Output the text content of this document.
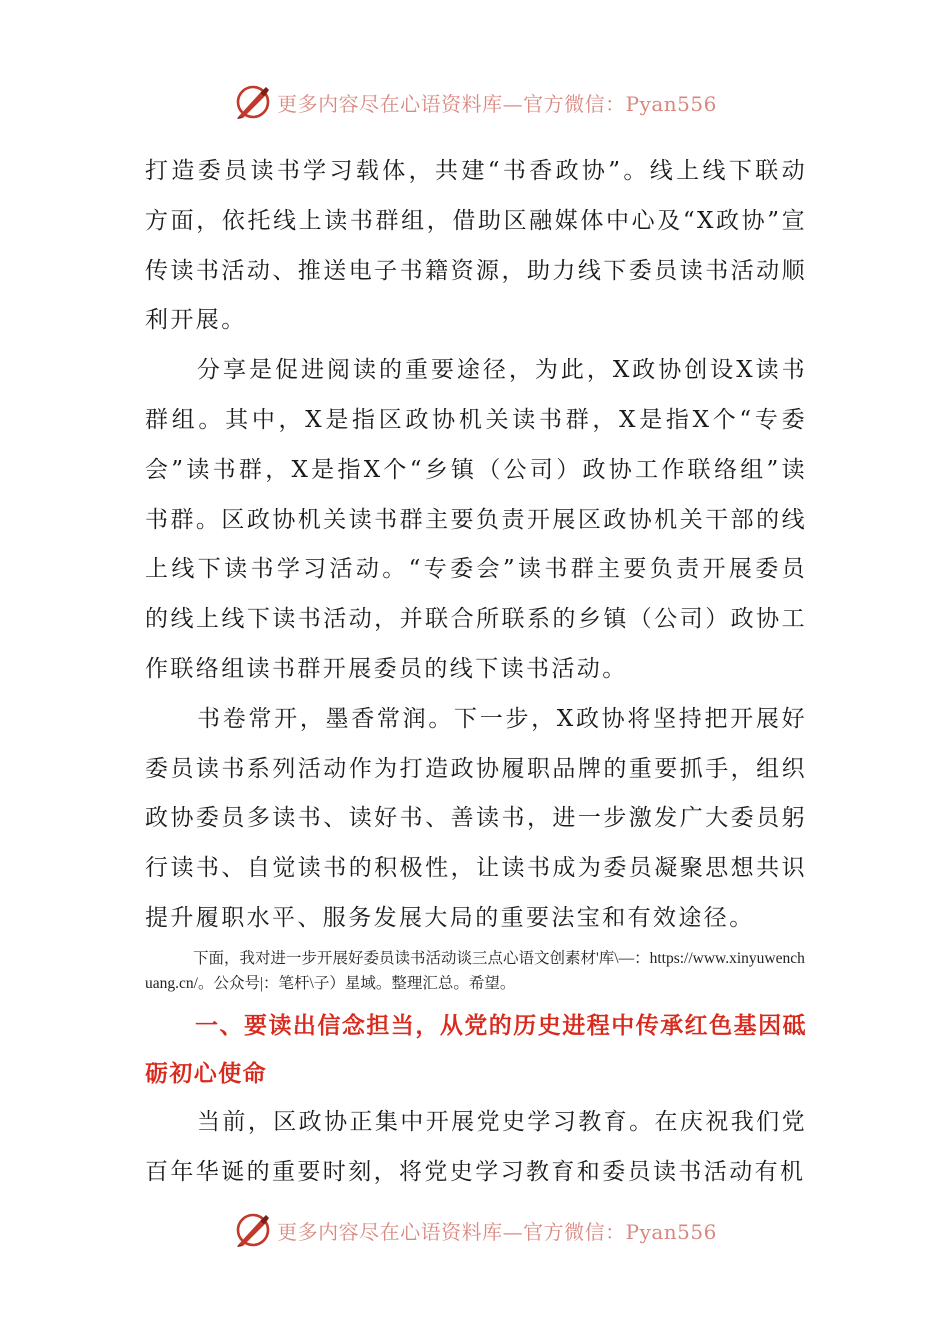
更多内容尽在心语资料库—官方微信：Pyan556

打造委员读书学习载体，共建“书香政协”。线上线下联动方面，依托线上读书群组，借助区融媒体中心及“X政协”宣传读书活动、推送电子书籍资源，助力线下委员读书活动顺利开展。

分享是促进阅读的重要途径，为此，X政协创设X读书群组。其中，X是指区政协机关读书群，X是指X个“专委会”读书群，X是指X个“乡镇（公司）政协工作联络组”读书群。区政协机关读书群主要负责开展区政协机关干部的线上线下读书学习活动。“专委会”读书群主要负责开展委员的线上线下读书活动，并联合所联系的乡镇（公司）政协工作联络组读书群开展委员的线下读书活动。

书卷常开，墨香常润。下一步，X政协将坚持把开展好委员读书系列活动作为打造政协履职品牌的重要抓手，组织政协委员多读书、读好书、善读书，进一步激发广大委员躬行读书、自觉读书的积极性，让读书成为委员凝聚思想共识提升履职水平、服务发展大局的重要法宝和有效途径。

下面，我对进一步开展好委员读书活动谈三点心语文创素材'库\—：https://www.xinyuwenchuang.cn/。公众号|：笔杆\子）星域。整理汇总。希望。

一、要读出信念担当，从党的历史进程中传承红色基因砥砺初心使命

当前，区政协正集中开展党史学习教育。在庆祝我们党百年华诞的重要时刻，将党史学习教育和委员读书活动有机

更多内容尽在心语资料库—官方微信：Pyan556
